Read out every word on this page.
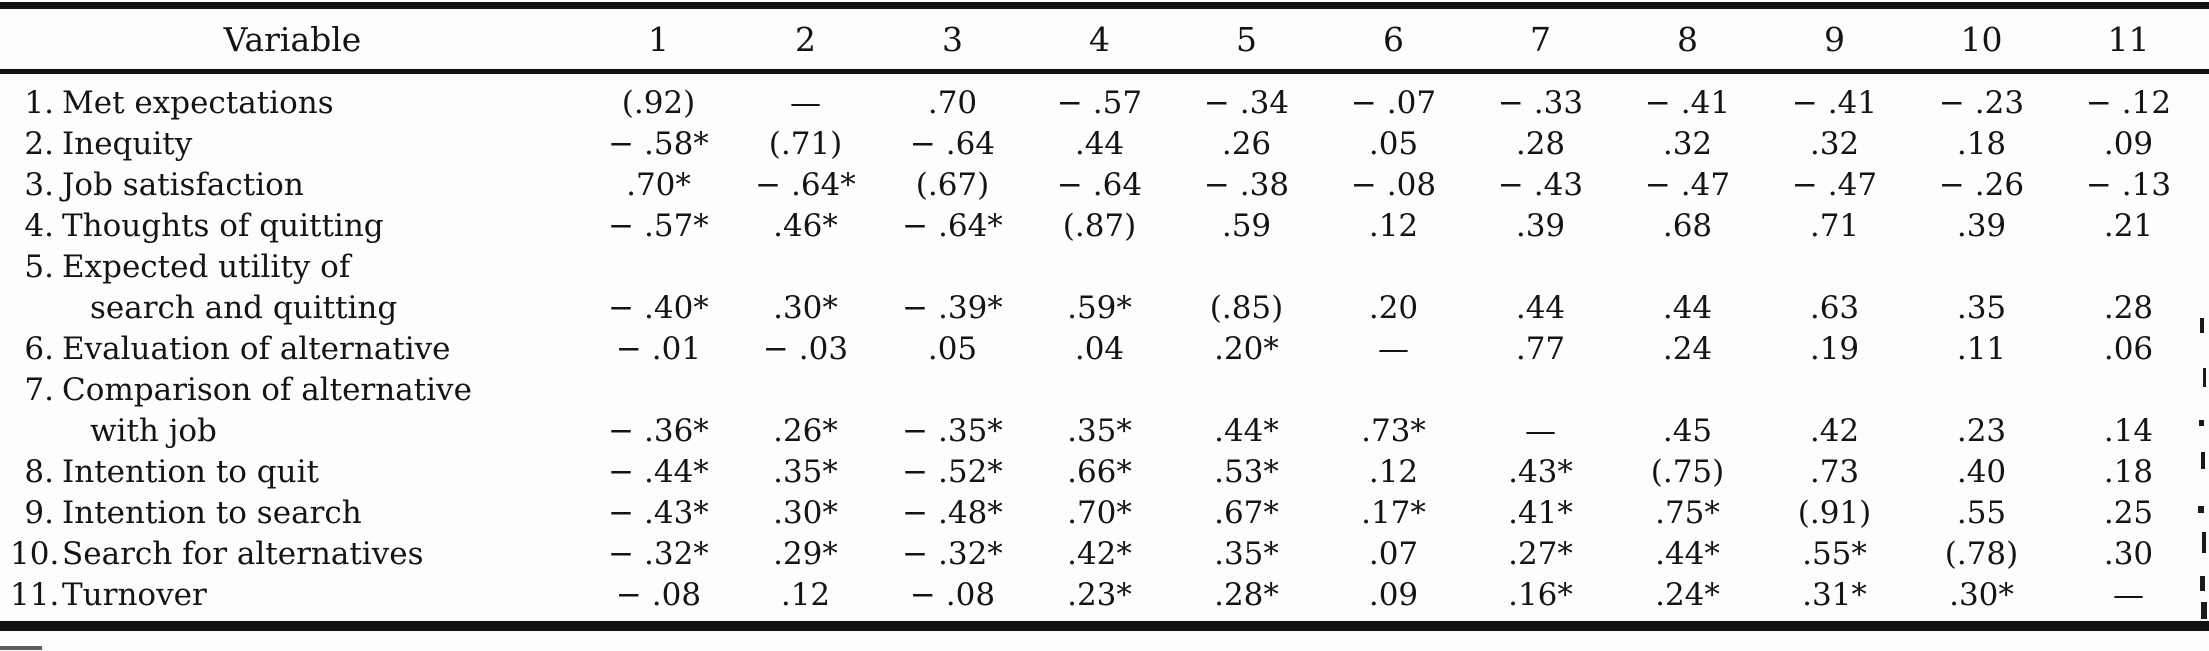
Variable	1	2	3	4	5	6	7	8	9	10	11	
1. Met expectations	(.92)	—	.70	− .57	− .34	− .07	− .33	− .41	− .41	− .23	− .12	
2. Inequity	− .58*	(.71)	− .64	.44	.26	.05	.28	.32	.32	.18	.09	
3. Job satisfaction	.70*	− .64*	(.67)	− .64	− .38	− .08	− .43	− .47	− .47	− .26	− .13	
4. Thoughts of quitting	− .57*	.46*	− .64*	(.87)	.59	.12	.39	.68	.71	.39	.21	
5. Expected utility of												
search and quitting	− .40*	.30*	− .39*	.59*	(.85)	.20	.44	.44	.63	.35	.28	
6. Evaluation of alternative	− .01	− .03	.05	.04	.20*	—	.77	.24	.19	.11	.06	
7. Comparison of alternative												
with job	− .36*	.26*	− .35*	.35*	.44*	.73*	—	.45	.42	.23	.14	
8. Intention to quit	− .44*	.35*	− .52*	.66*	.53*	.12	.43*	(.75)	.73	.40	.18	
9. Intention to search	− .43*	.30*	− .48*	.70*	.67*	.17*	.41*	.75*	(.91)	.55	.25	
10.Search for alternatives	− .32*	.29*	− .32*	.42*	.35*	.07	.27*	.44*	.55*	(.78)	.30	
11.Turnover	− .08	.12	− .08	.23*	.28*	.09	.16*	.24*	.31*	.30*	—	
